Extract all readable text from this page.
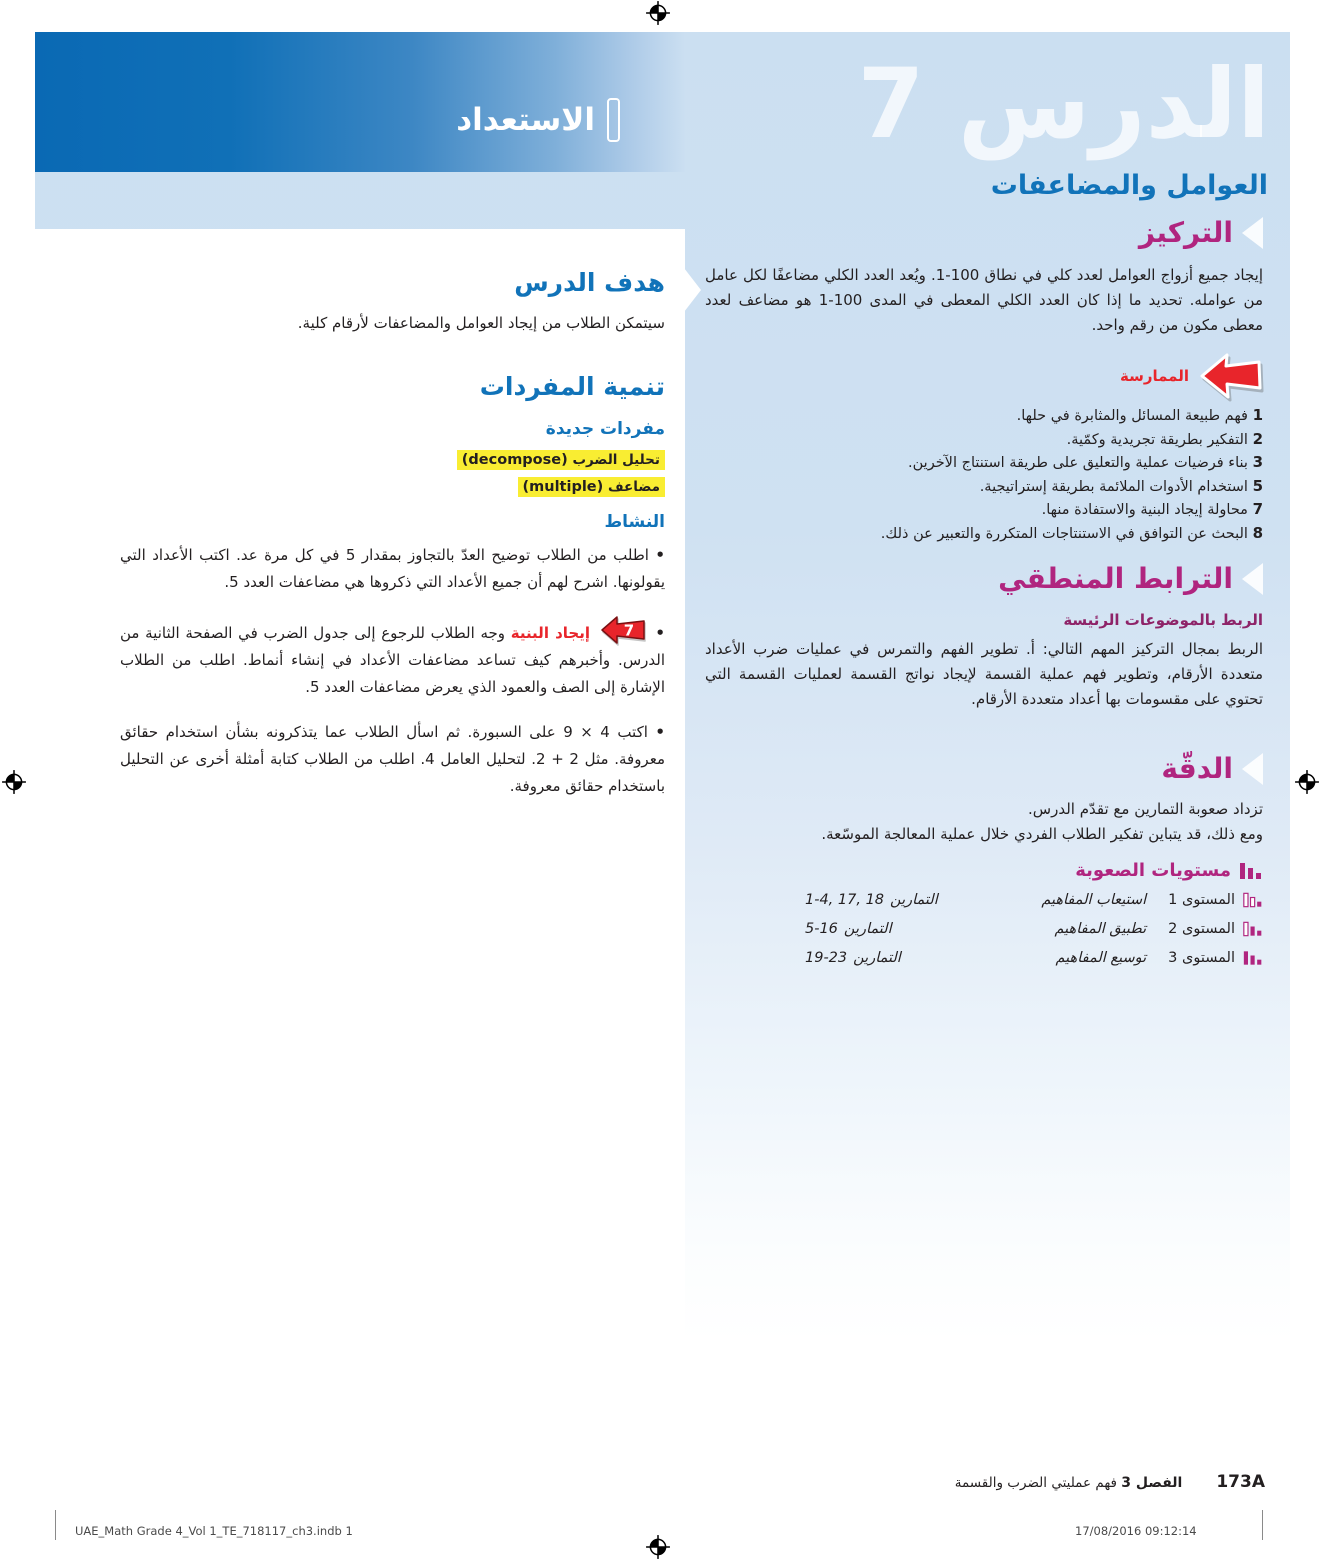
الاستعداد	الدرس 7
العوامل والمضاعفات
التركيز

إيجاد جميع أزواج العوامل لعدد كلي في نطاق 1-100. ويُعد العدد الكلي مضاعفًا لكل عامل من عوامله. تحديد ما إذا كان العدد الكلي المعطى في المدى 1-100 هو مضاعف لعدد معطى مكون من رقم واحد.

الممارسة
1 فهم طبيعة المسائل والمثابرة في حلها.
2 التفكير بطريقة تجريدية وكمّية.
3 بناء فرضيات عملية والتعليق على طريقة استنتاج الآخرين.
5 استخدام الأدوات الملائمة بطريقة إستراتيجية.
7 محاولة إيجاد البنية والاستفادة منها.
8 البحث عن التوافق في الاستنتاجات المتكررة والتعبير عن ذلك.
الترابط المنطقي
الربط بالموضوعات الرئيسة

الربط بمجال التركيز المهم التالي: أ. تطوير الفهم والتمرس في عمليات ضرب الأعداد متعددة الأرقام، وتطوير فهم عملية القسمة لإيجاد نواتج القسمة لعمليات القسمة التي تحتوي على مقسومات بها أعداد متعددة الأرقام.

الدقّة
تزداد صعوبة التمارين مع تقدّم الدرس.
ومع ذلك، قد يتباين تفكير الطلاب الفردي خلال عملية المعالجة الموسّعة.
مستويات الصعوبة
المستوى 1
استيعاب المفاهيم
التمارين
1-4, 17, 18
المستوى 2
تطبيق المفاهيم
التمارين
5-16
المستوى 3
توسيع المفاهيم
التمارين
19-23
هدف الدرس
سيتمكن الطلاب من إيجاد العوامل والمضاعفات لأرقام كلية.
تنمية المفردات
مفردات جديدة
تحليل الضرب (decompose)
مضاعف (multiple)
النشاط

• اطلب من الطلاب توضيح العدّ بالتجاوز بمقدار 5 في كل مرة عد. اكتب الأعداد التي يقولونها. اشرح لهم أن جميع الأعداد التي ذكروها هي مضاعفات العدد 5.

•
7
إيجاد البنية وجه الطلاب للرجوع إلى جدول الضرب في الصفحة الثانية من الدرس. وأخبرهم كيف تساعد مضاعفات الأعداد في إنشاء أنماط. اطلب من الطلاب الإشارة إلى الصف والعمود الذي يعرض مضاعفات العدد 5.

• اكتب 9 × 4 على السبورة. ثم اسأل الطلاب عما يتذكرونه بشأن استخدام حقائق معروفة. مثل 2 + 2. لتحليل العامل 4. اطلب من الطلاب كتابة أمثلة أخرى عن التحليل باستخدام حقائق معروفة.

173A
الفصل 3 فهم عمليتي الضرب والقسمة
UAE_Math Grade 4_Vol 1_TE_718117_ch3.indb 1	17/08/2016 09:12:14
